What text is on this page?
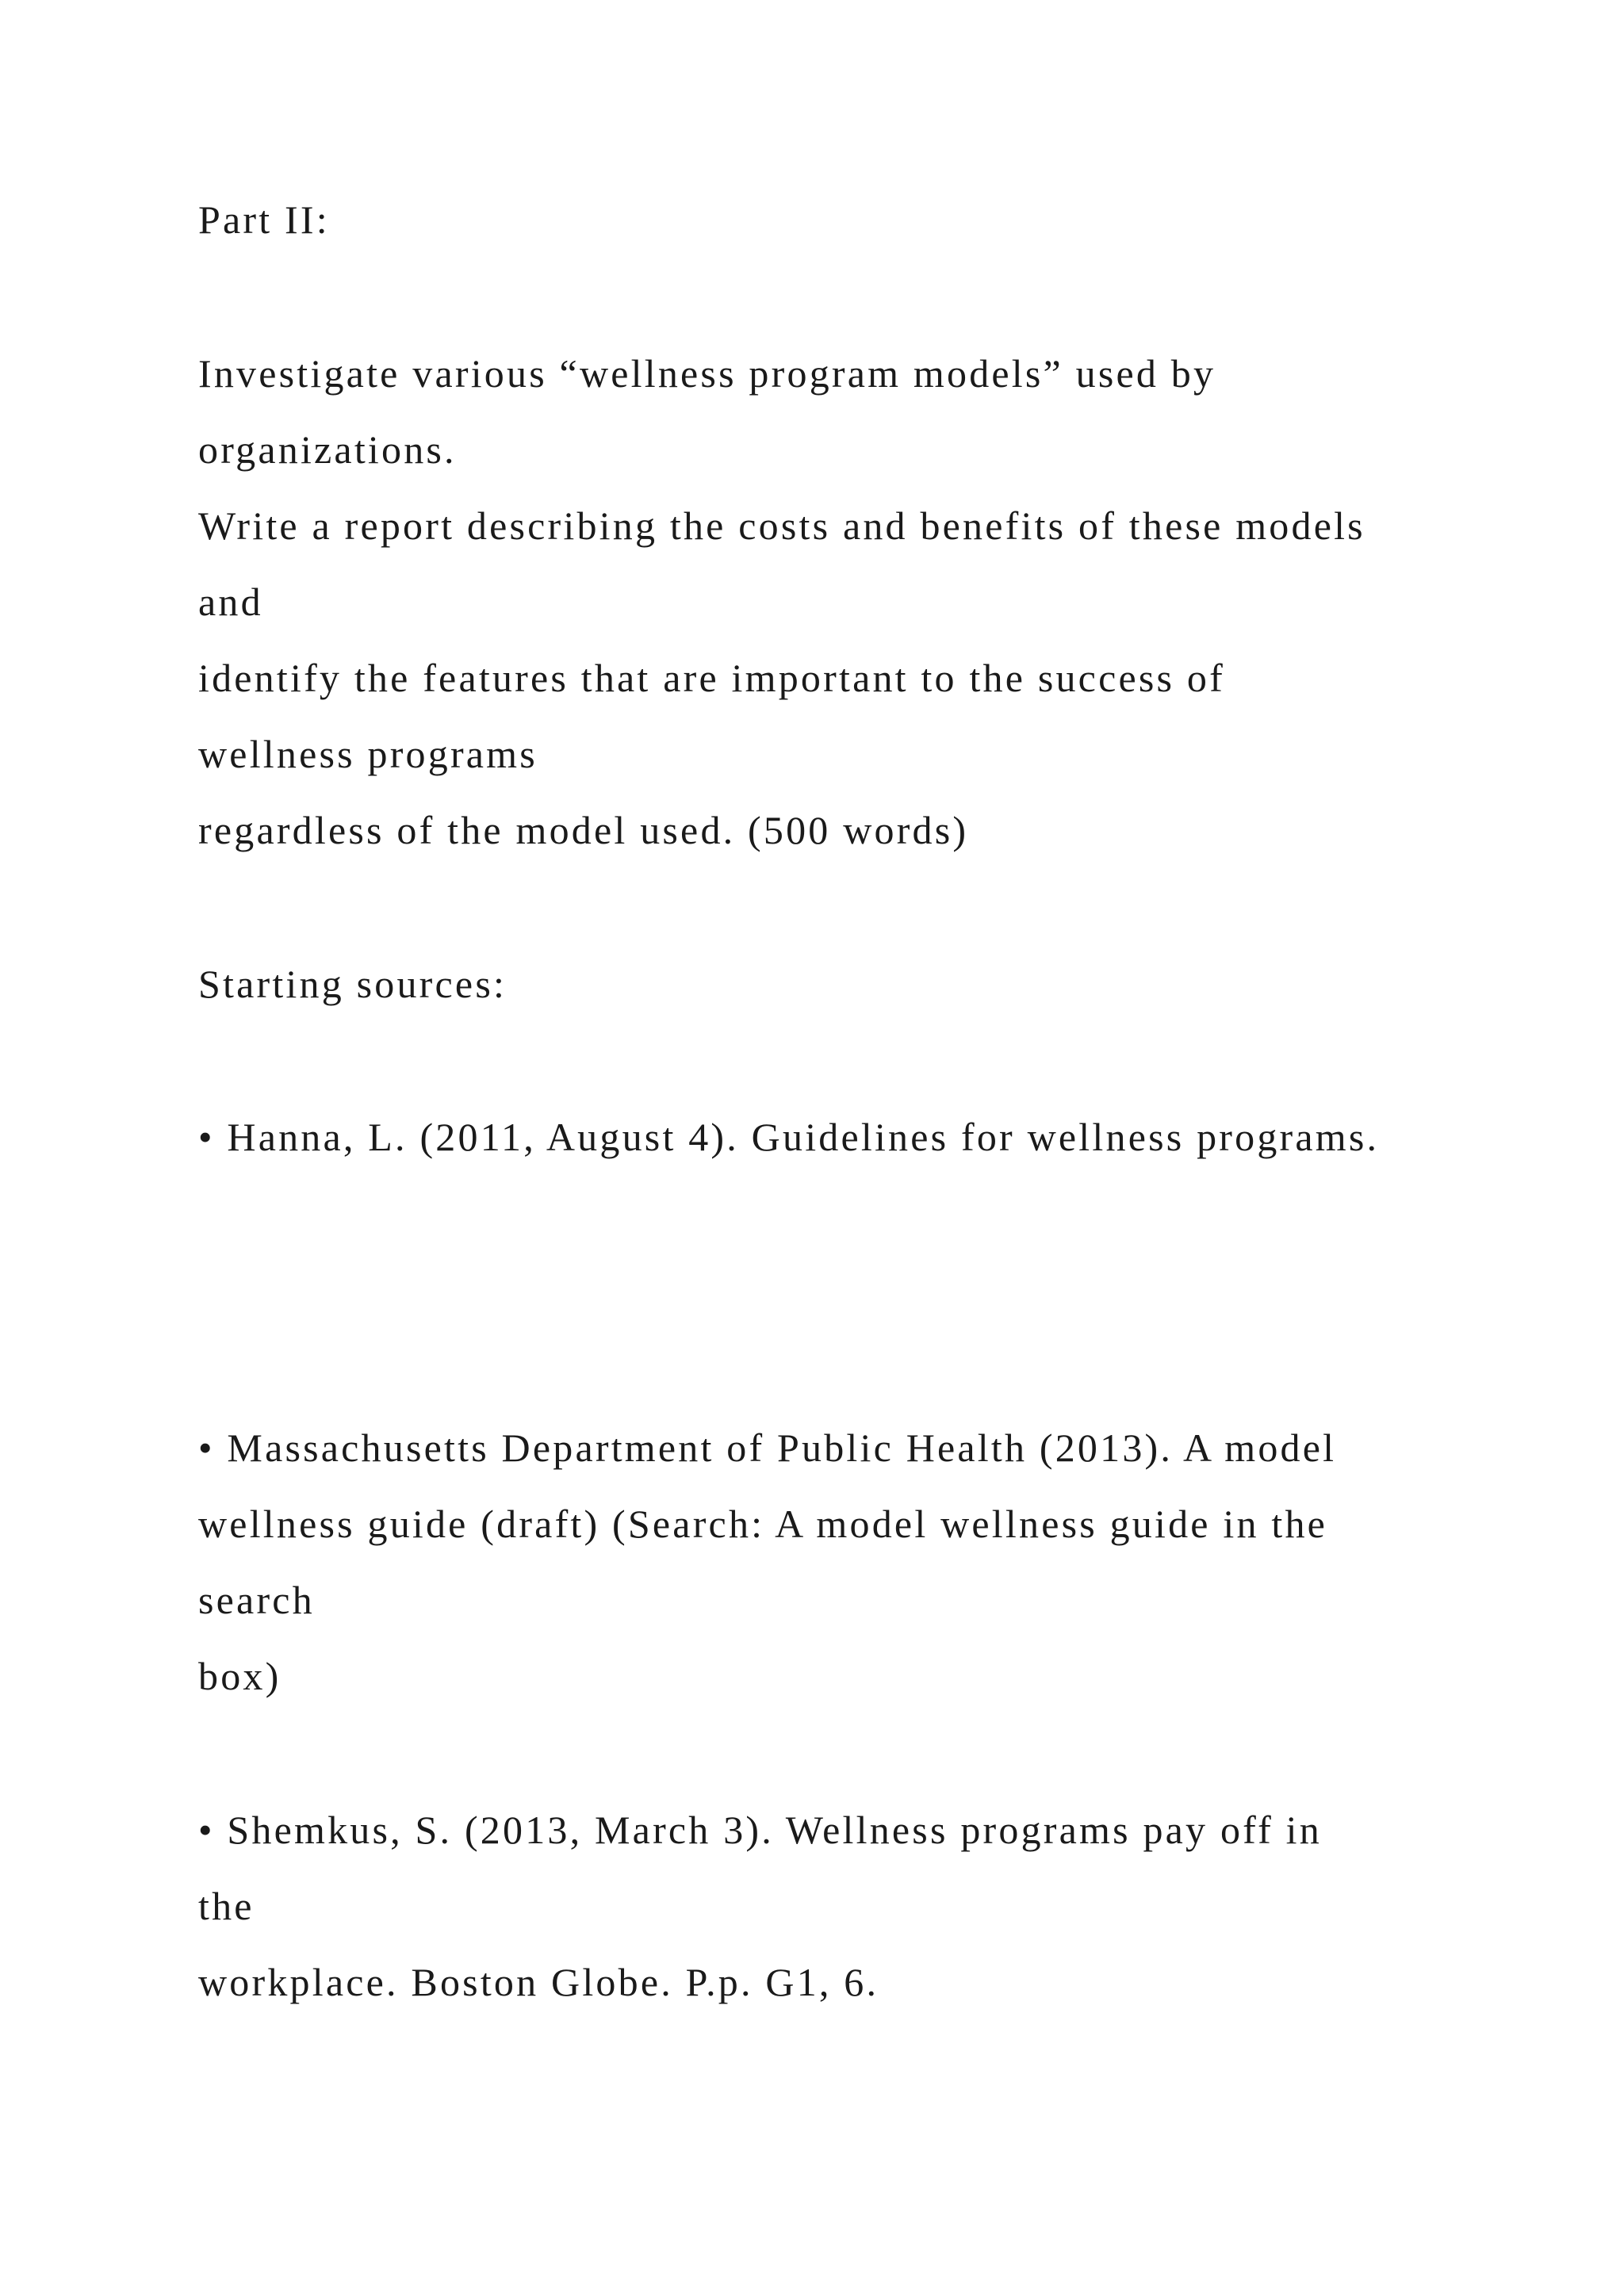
Part II:

Investigate various “wellness program models” used by

organizations.

Write a report describing the costs and benefits of these models

and

identify the features that are important to the success of

wellness programs

regardless of the model used. (500 words)

Starting sources:

• Hanna, L. (2011, August 4). Guidelines for wellness programs.

• Massachusetts Department of Public Health (2013). A model

wellness guide (draft) (Search: A model wellness guide in the

search

box)

• Shemkus, S. (2013, March 3). Wellness programs pay off in

the

workplace. Boston Globe. P.p. G1, 6.
